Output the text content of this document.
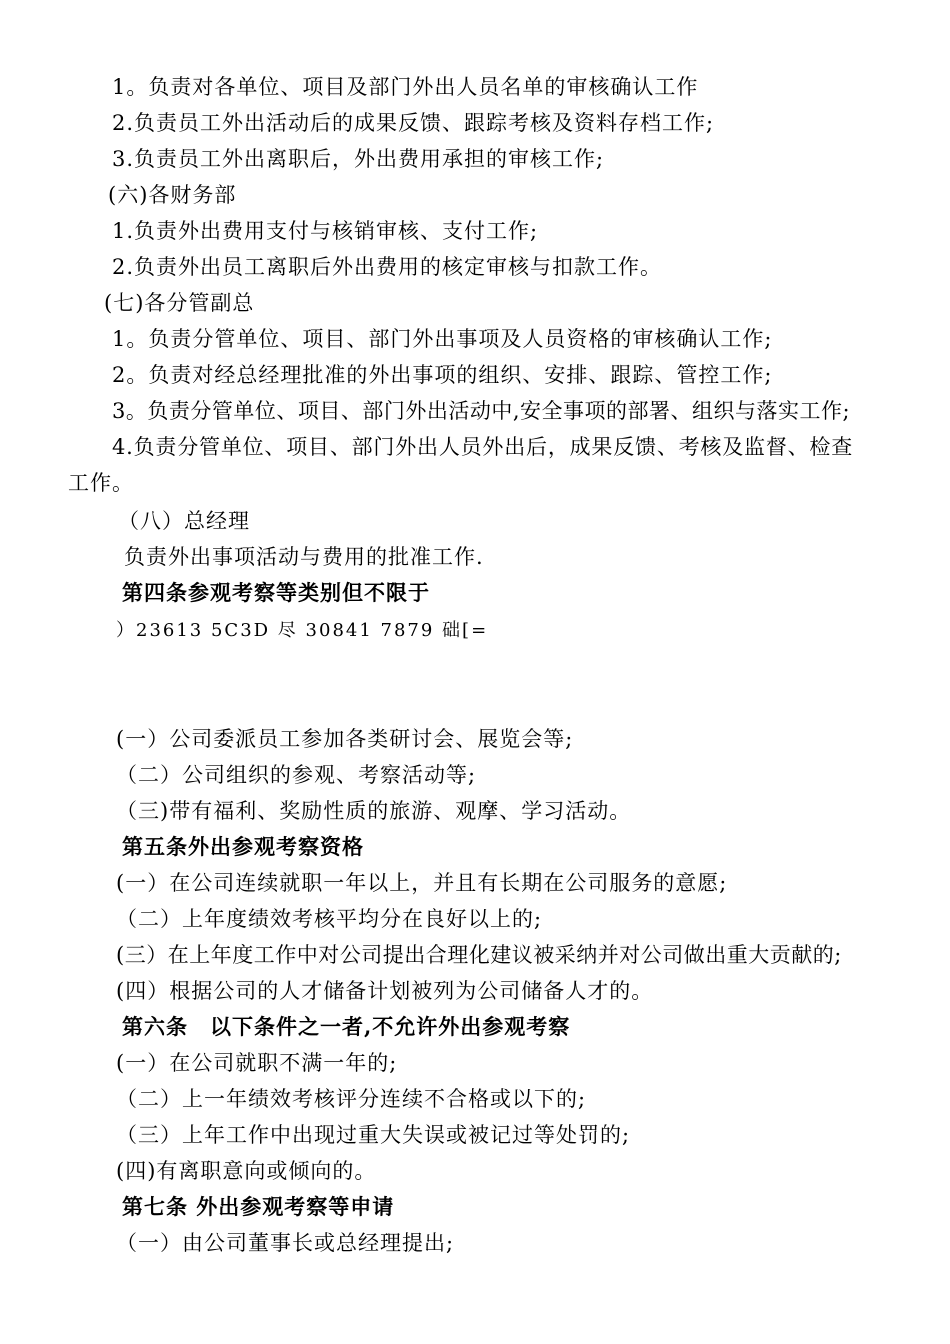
1。负责对各单位、项目及部门外出人员名单的审核确认工作
2.负责员工外出活动后的成果反馈、跟踪考核及资料存档工作;
3.负责员工外出离职后，外出费用承担的审核工作;
(六)各财务部
1.负责外出费用支付与核销审核、支付工作;
2.负责外出员工离职后外出费用的核定审核与扣款工作。
(七)各分管副总
1。负责分管单位、项目、部门外出事项及人员资格的审核确认工作;
2。负责对经总经理批准的外出事项的组织、安排、跟踪、管控工作;
3。负责分管单位、项目、部门外出活动中,安全事项的部署、组织与落实工作;
4.负责分管单位、项目、部门外出人员外出后，成果反馈、考核及监督、检查
工作。
（八）总经理
负责外出事项活动与费用的批准工作.
第四条参观考察等类别但不限于
）23613 5C3D 尽 30841 7879 础[=
(一）公司委派员工参加各类研讨会、展览会等;
（二）公司组织的参观、考察活动等;
（三)带有福利、奖励性质的旅游、观摩、学习活动。
第五条外出参观考察资格
(一）在公司连续就职一年以上，并且有长期在公司服务的意愿;
（二）上年度绩效考核平均分在良好以上的;
(三）在上年度工作中对公司提出合理化建议被采纳并对公司做出重大贡献的;
(四）根据公司的人才储备计划被列为公司储备人才的。
第六条　以下条件之一者,不允许外出参观考察
(一）在公司就职不满一年的;
（二）上一年绩效考核评分连续不合格或以下的;
（三）上年工作中出现过重大失误或被记过等处罚的;
(四)有离职意向或倾向的。
第七条 外出参观考察等申请
（一）由公司董事长或总经理提出;
